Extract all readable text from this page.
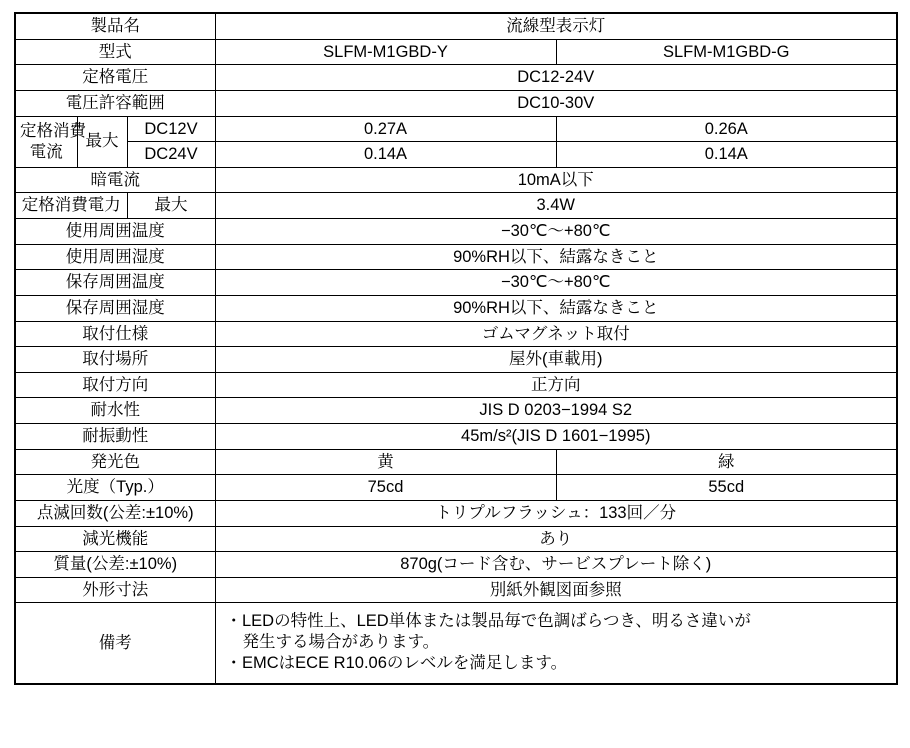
製品名			流線型表示灯	
型式			SLFM-M1GBD-Y	SLFM-M1GBD-G
定格電圧			DC12-24V	
電圧許容範囲			DC10-30V	
定格消費
電流	最大	DC12V	0.27A	0.26A
		DC24V	0.14A	0.14A
暗電流			10mA以下	
定格消費電力		最大	3.4W	
使用周囲温度			−30℃〜+80℃	
使用周囲湿度			90%RH以下、結露なきこと	
保存周囲温度			−30℃〜+80℃	
保存周囲湿度			90%RH以下、結露なきこと	
取付仕様			ゴムマグネット取付	
取付場所			屋外(車載用)	
取付方向			正方向	
耐水性			JIS D 0203−1994 S2	
耐振動性			45m/s²(JIS D 1601−1995)	
発光色			黄	緑
光度（Typ.）			75cd	55cd
点滅回数(公差:±10%)			トリプルフラッシュ：133回／分	
減光機能			あり	
質量(公差:±10%)			870g(コード含む、サービスプレート除く)	
外形寸法			別紙外観図面参照	
備考			・LEDの特性上、LED単体または製品毎で色調ばらつき、明るさ違いが
発生する場合があります。
・EMCはECE R10.06のレベルを満足します。	
